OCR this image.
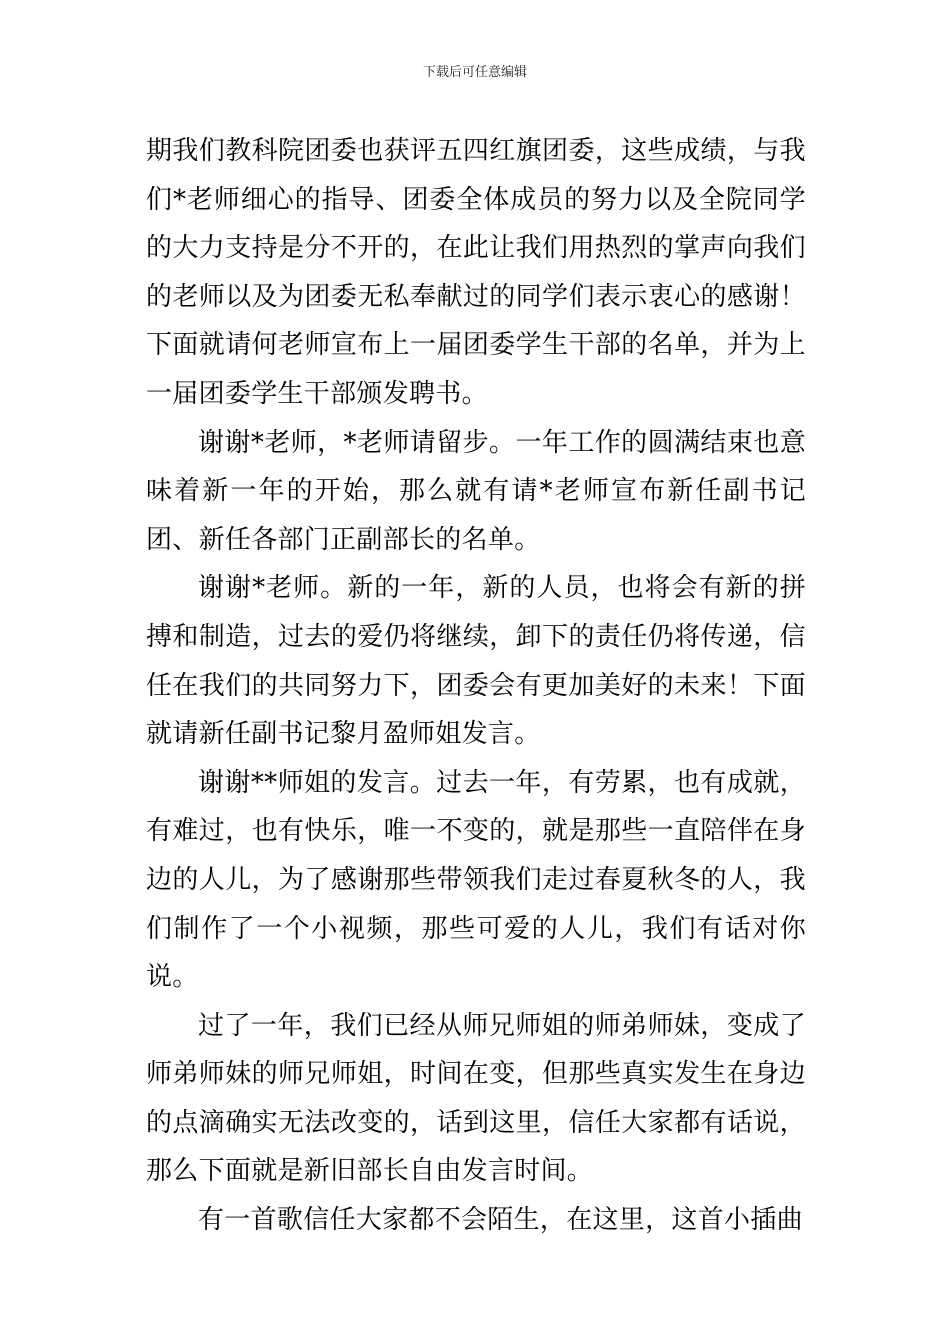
下载后可任意编辑

期我们教科院团委也获评五四红旗团委，这些成绩，与我们*老师细心的指导、团委全体成员的努力以及全院同学的大力支持是分不开的，在此让我们用热烈的掌声向我们的老师以及为团委无私奉献过的同学们表示衷心的感谢！下面就请何老师宣布上一届团委学生干部的名单，并为上一届团委学生干部颁发聘书。

谢谢*老师，*老师请留步。一年工作的圆满结束也意味着新一年的开始，那么就有请*老师宣布新任副书记团、新任各部门正副部长的名单。

谢谢*老师。新的一年，新的人员，也将会有新的拼搏和制造，过去的爱仍将继续，卸下的责任仍将传递，信任在我们的共同努力下，团委会有更加美好的未来！下面就请新任副书记黎月盈师姐发言。

谢谢**师姐的发言。过去一年，有劳累，也有成就，有难过，也有快乐，唯一不变的，就是那些一直陪伴在身边的人儿，为了感谢那些带领我们走过春夏秋冬的人，我们制作了一个小视频，那些可爱的人儿，我们有话对你说。

过了一年，我们已经从师兄师姐的师弟师妹，变成了师弟师妹的师兄师姐，时间在变，但那些真实发生在身边的点滴确实无法改变的，话到这里，信任大家都有话说，那么下面就是新旧部长自由发言时间。

有一首歌信任大家都不会陌生，在这里，这首小插曲
